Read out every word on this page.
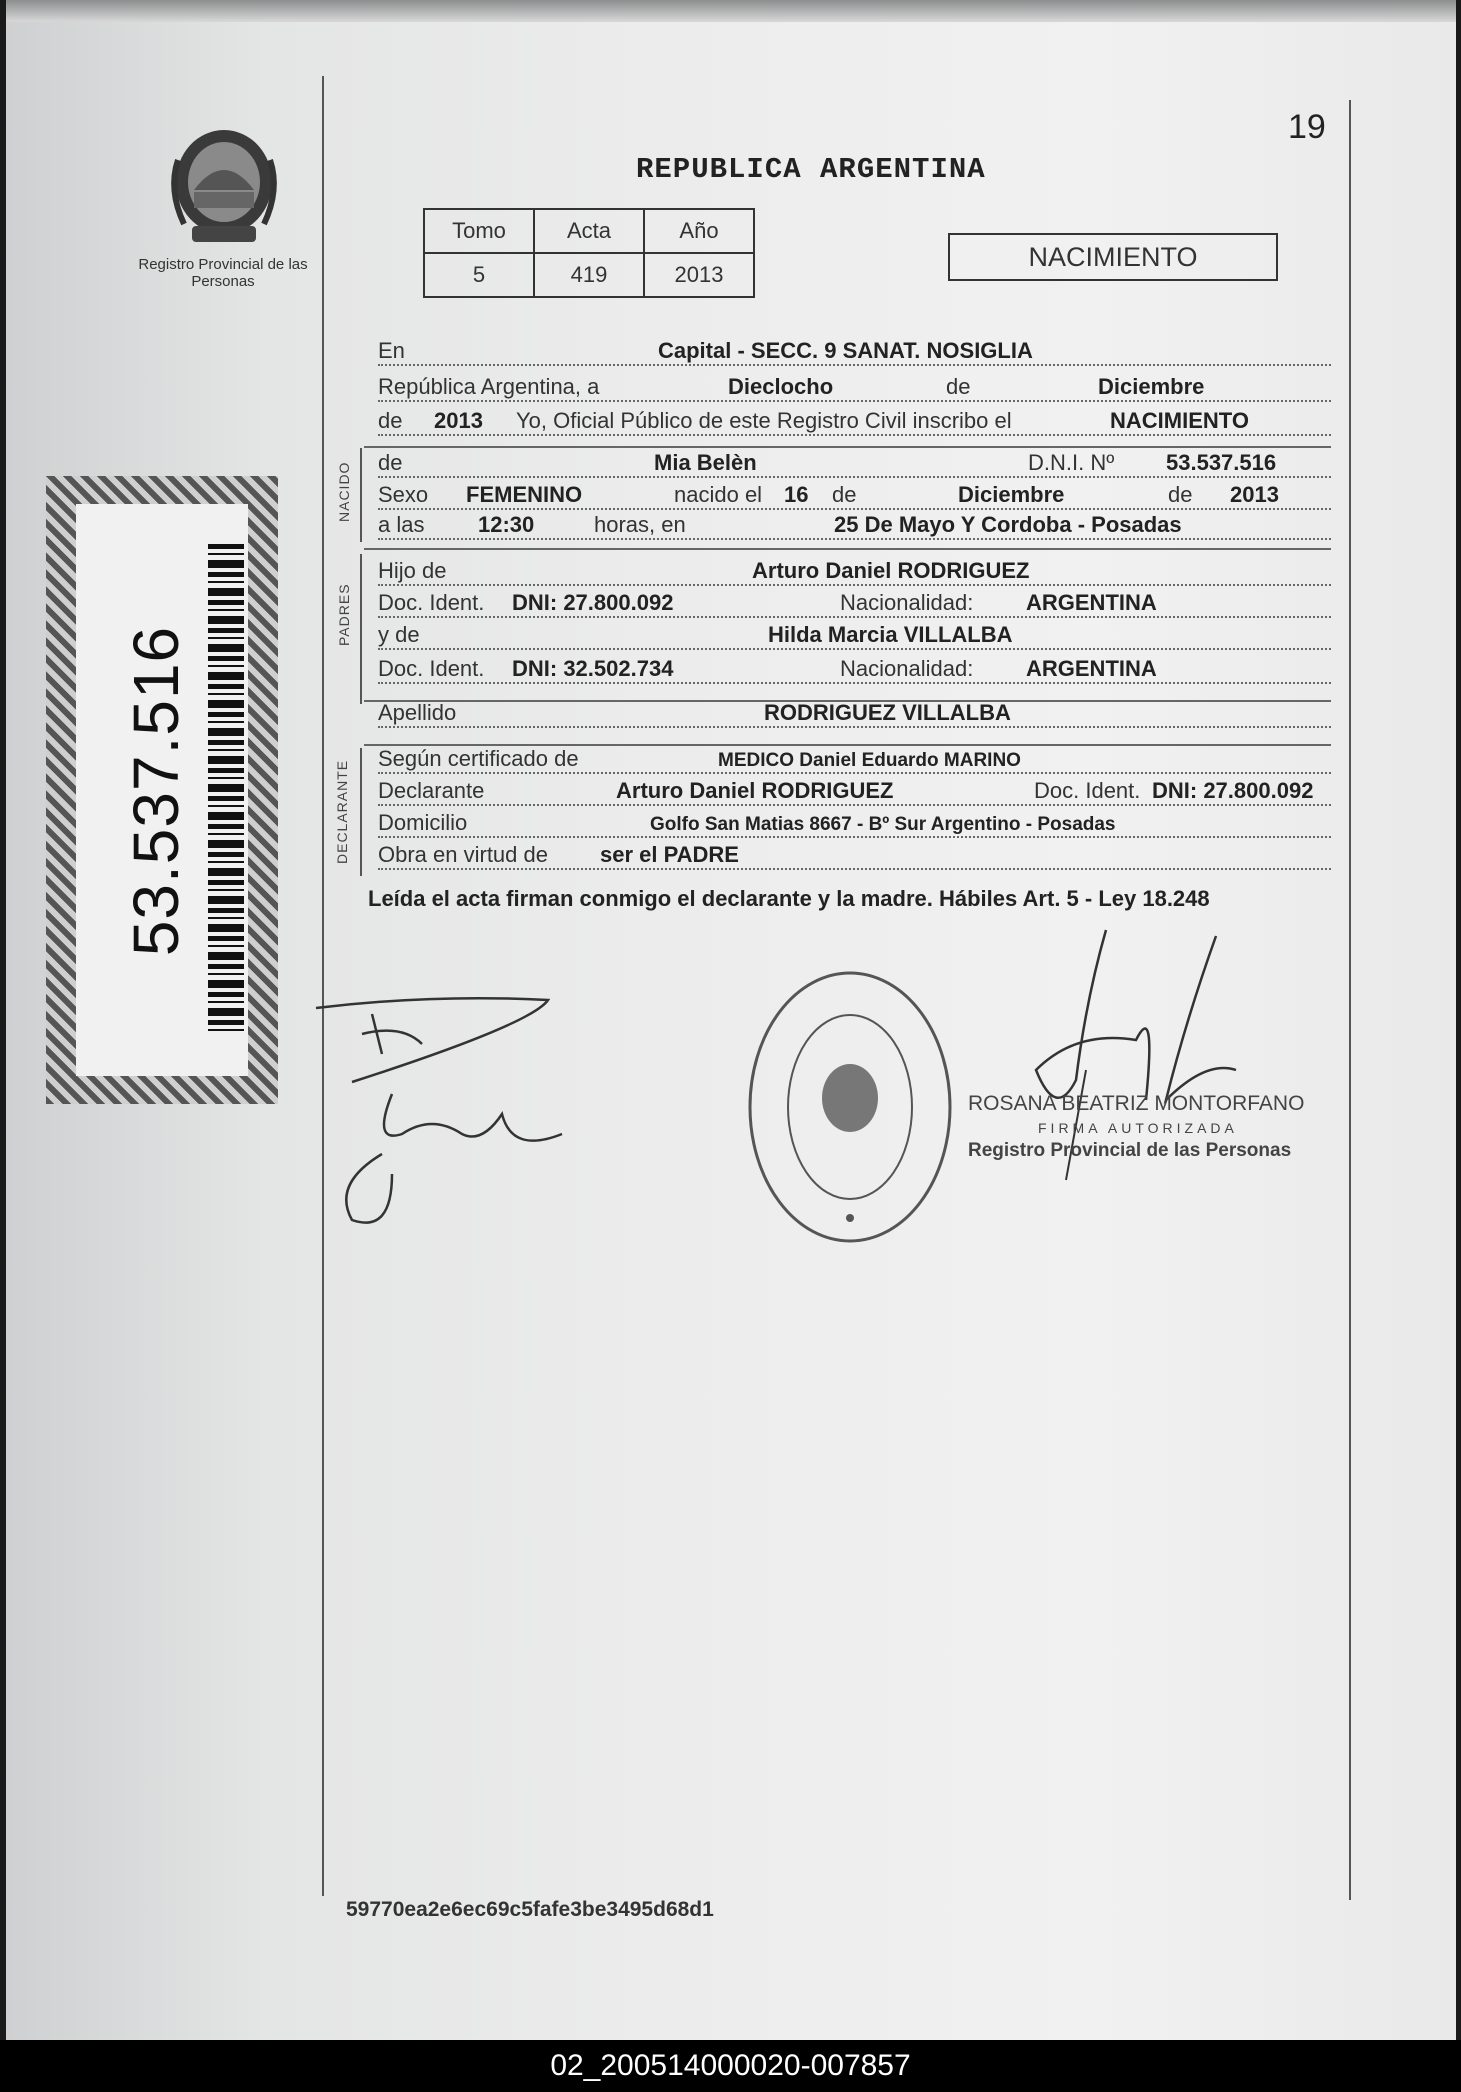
Registro Provincial de las Personas
19
REPUBLICA ARGENTINA
Tomo	Acta	Año
5	419	2013
NACIMIENTO
53.537.516
En	Capital - SECC. 9 SANAT. NOSIGLIA
República Argentina, a	Dieclocho	de	Diciembre
de 2013 Yo, Oficial Público de este Registro Civil inscribo el	NACIMIENTO
NACIDO de	Mia Belèn	D.N.I. Nº 53.537.516
Sexo FEMENINO	nacido el 16 de	Diciembre	de 2013
a las 12:30	horas, en	25 De Mayo Y Cordoba - Posadas
PADRES
Hijo de	Arturo Daniel RODRIGUEZ
Doc. Ident. DNI: 27.800.092	Nacionalidad: ARGENTINA
y de	Hilda Marcia VILLALBA
Doc. Ident. DNI: 32.502.734	Nacionalidad: ARGENTINA
Apellido	RODRIGUEZ VILLALBA
DECLARANTE
Según certificado de	MEDICO Daniel Eduardo MARINO
Declarante	Arturo Daniel RODRIGUEZ	Doc. Ident. DNI: 27.800.092
Domicilio	Golfo San Matias 8667 - Bº Sur Argentino - Posadas
Obra en virtud de ser el PADRE
Leída el acta firman conmigo el declarante y la madre. Hábiles Art. 5 - Ley 18.248
ROSANA BEATRIZ MONTORFANO
FIRMA AUTORIZADA
Registro Provincial de las Personas
59770ea2e6ec69c5fafe3be3495d68d1
02_200514000020-007857
